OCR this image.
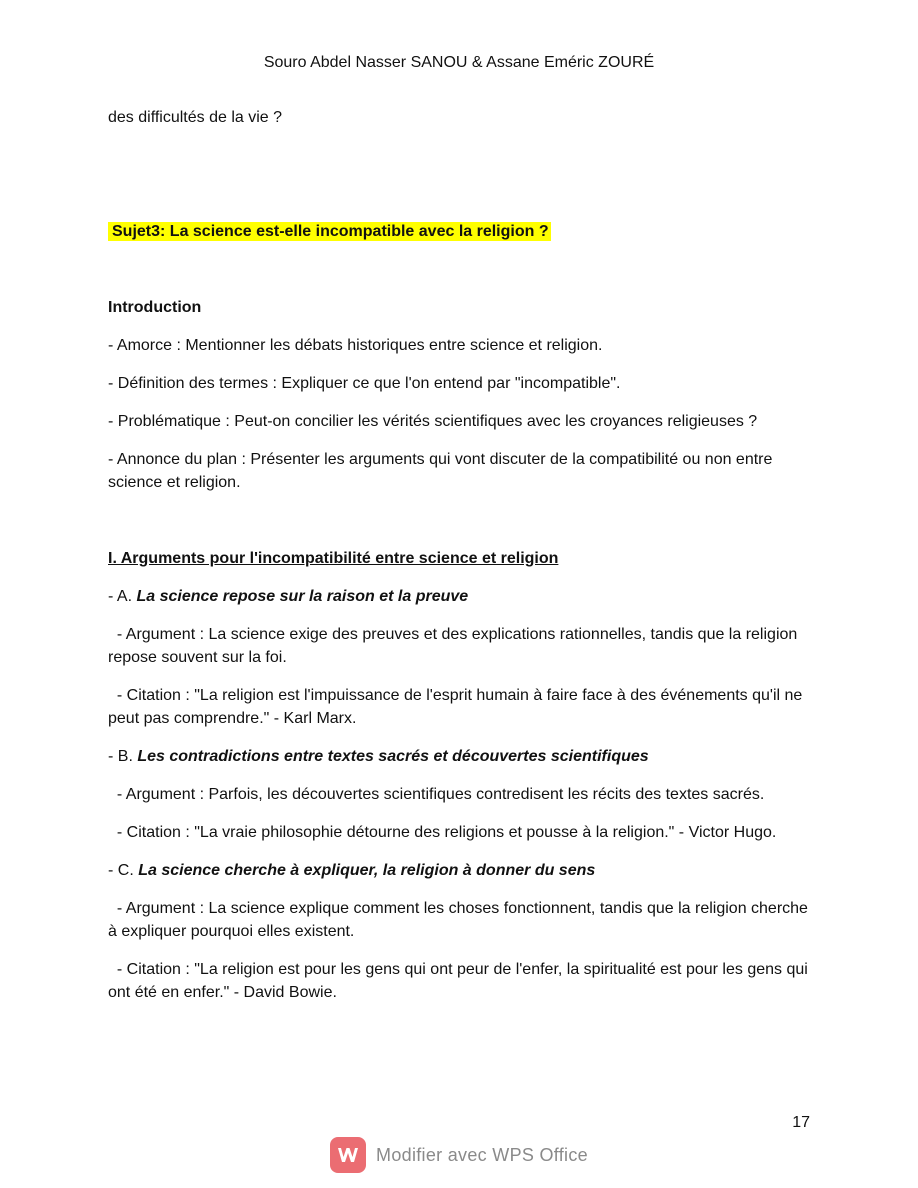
Souro Abdel Nasser SANOU & Assane Eméric ZOURÉ

des difficultés de la vie ?

Sujet3: La science est-elle incompatible avec la religion ?

Introduction

- Amorce : Mentionner les débats historiques entre science et religion.

- Définition des termes : Expliquer ce que l'on entend par "incompatible".

- Problématique : Peut-on concilier les vérités scientifiques avec les croyances religieuses ?

- Annonce du plan : Présenter les arguments qui vont discuter de la compatibilité ou non entre science et religion.

I. Arguments pour l'incompatibilité entre science et religion

- A. La science repose sur la raison et la preuve

- Argument : La science exige des preuves et des explications rationnelles, tandis que la religion repose souvent sur la foi.

- Citation : "La religion est l'impuissance de l'esprit humain à faire face à des événements qu'il ne peut pas comprendre." - Karl Marx.

- B. Les contradictions entre textes sacrés et découvertes scientifiques

- Argument : Parfois, les découvertes scientifiques contredisent les récits des textes sacrés.

- Citation : "La vraie philosophie détourne des religions et pousse à la religion." - Victor Hugo.

- C. La science cherche à expliquer, la religion à donner du sens

- Argument : La science explique comment les choses fonctionnent, tandis que la religion cherche à expliquer pourquoi elles existent.

- Citation : "La religion est pour les gens qui ont peur de l'enfer, la spiritualité est pour les gens qui ont été en enfer." - David Bowie.

17
Modifier avec WPS Office
